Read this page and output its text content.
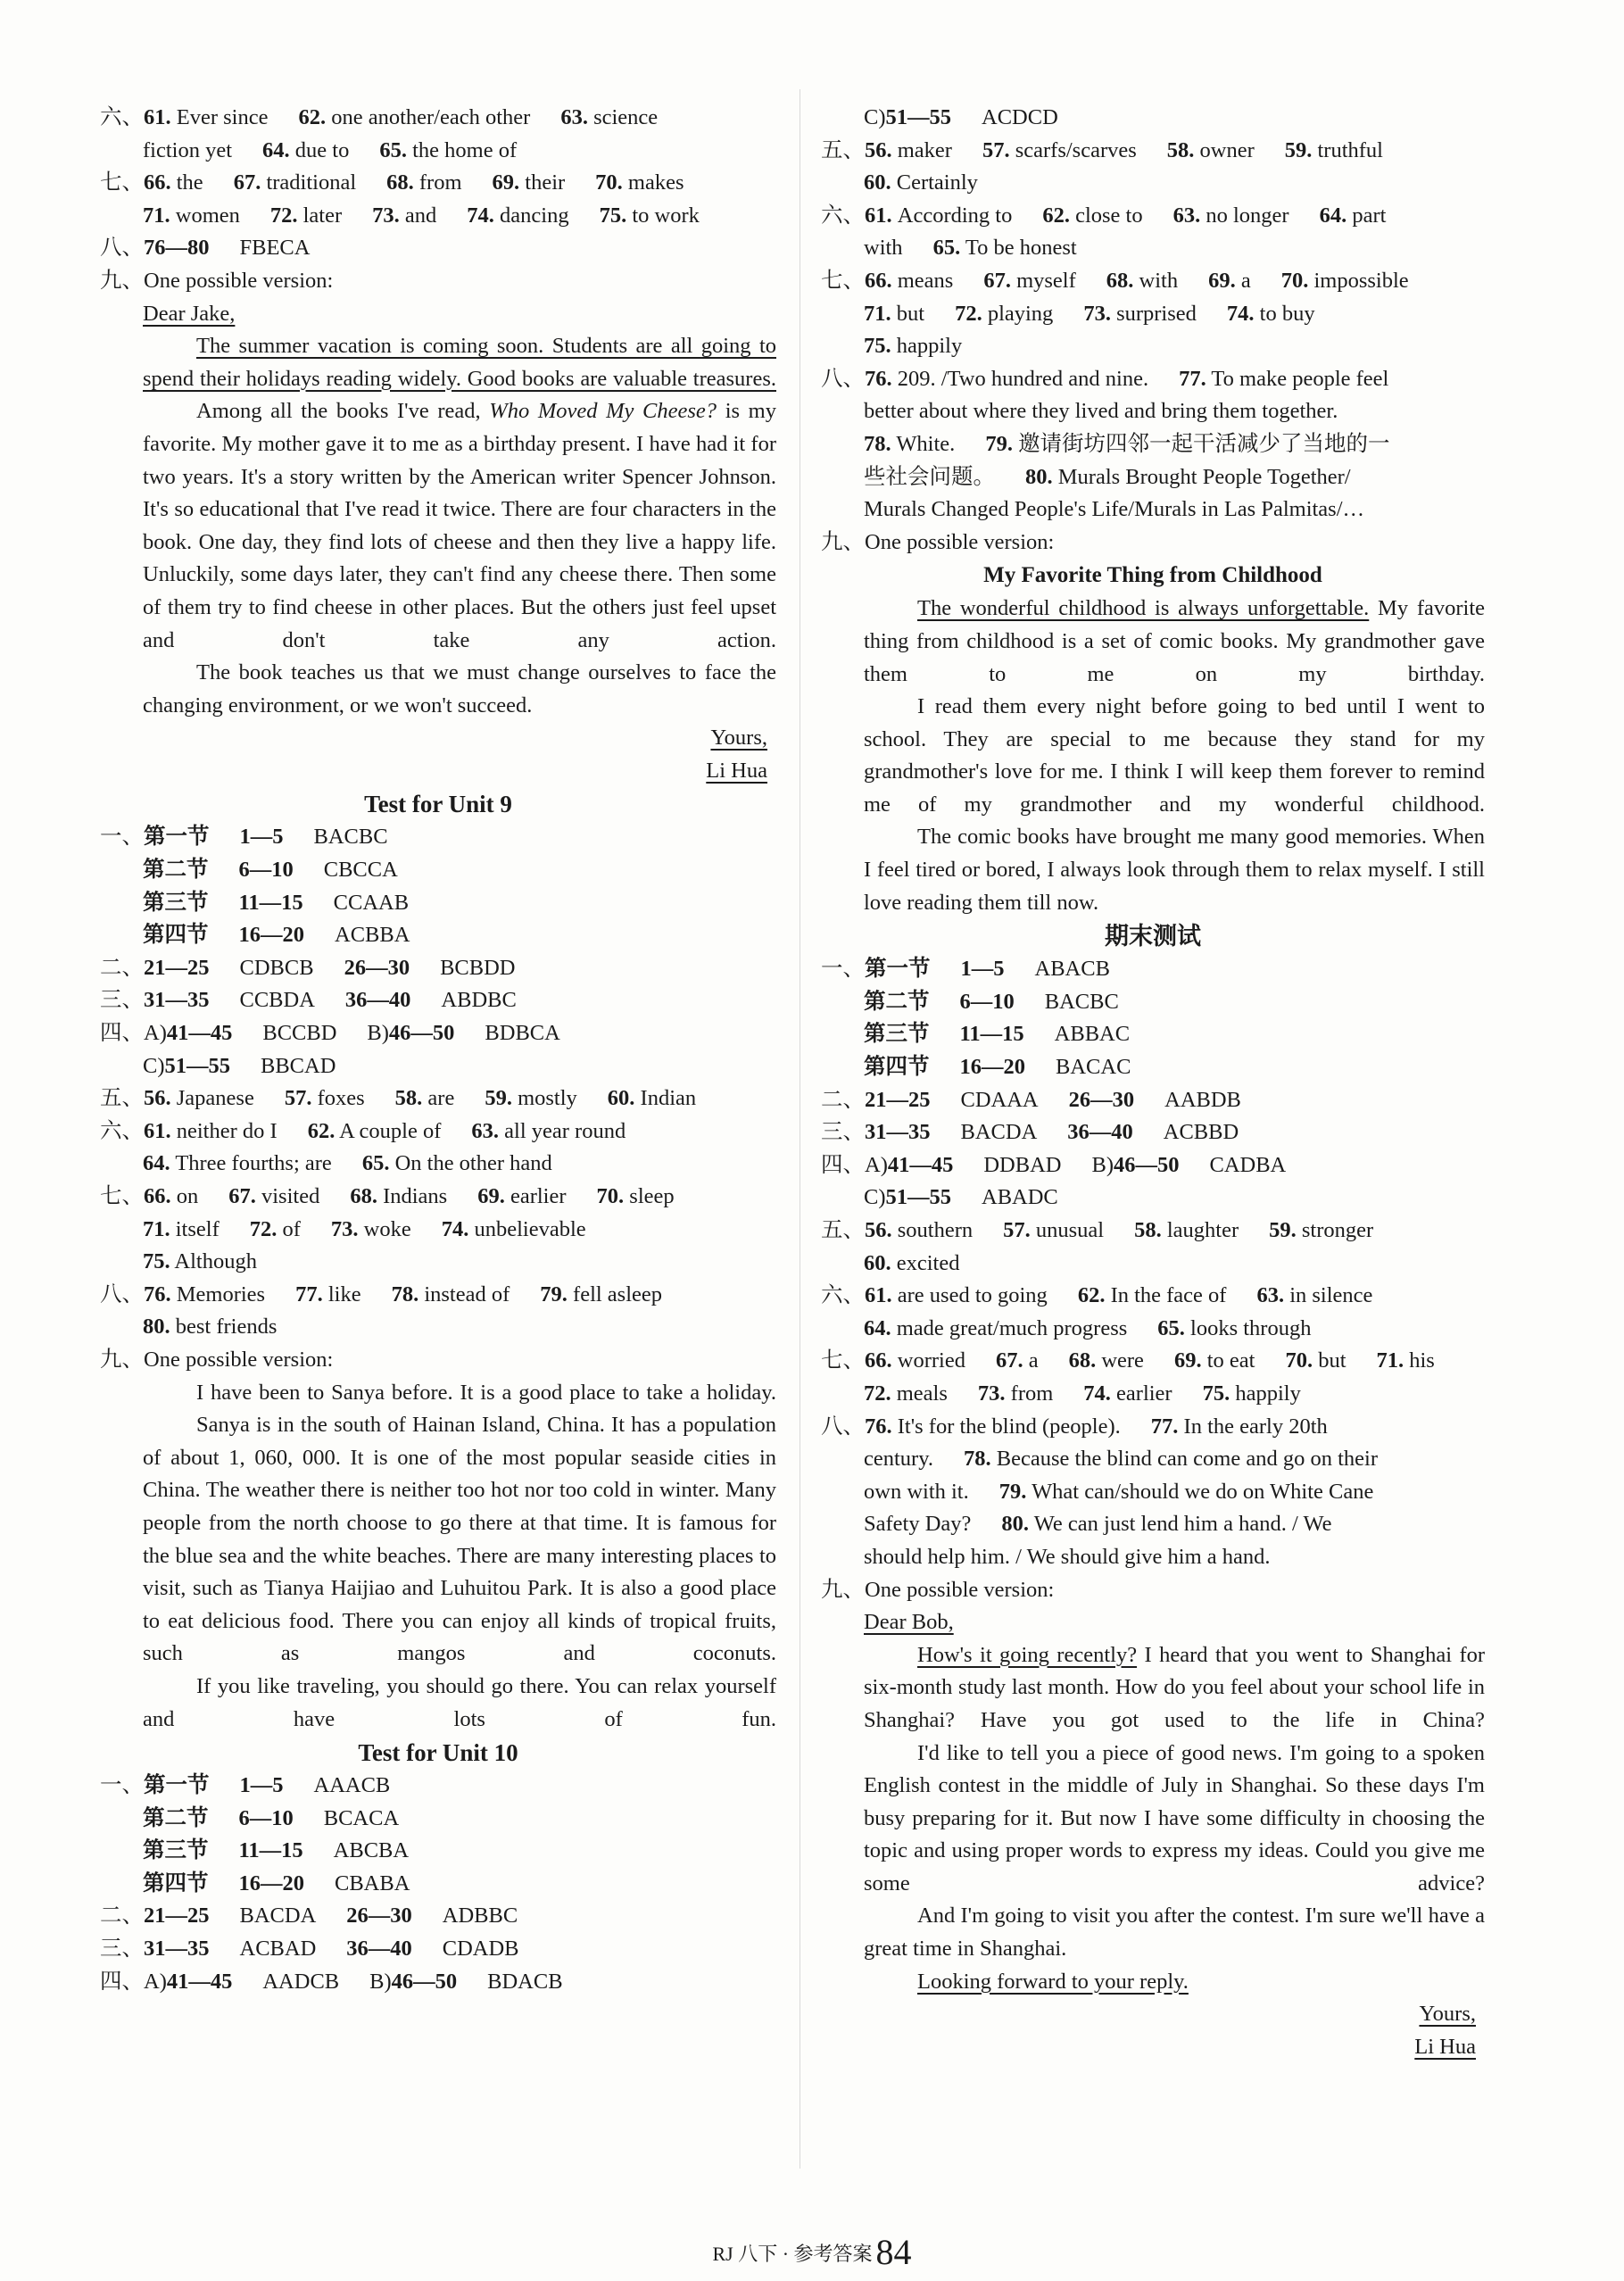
六、61. Ever since 62. one another/each other 63. science
fiction yet 64. due to 65. the home of
七、66. the 67. traditional 68. from 69. their 70. makes
71. women 72. later 73. and 74. dancing 75. to work
八、76—80 FBECA
九、One possible version:
Dear Jake,
The summer vacation is coming soon. Students are all going to spend their holidays reading widely. Good books are valuable treasures.
Among all the books I've read, Who Moved My Cheese? is my favorite. My mother gave it to me as a birthday present. I have had it for two years. It's a story written by the American writer Spencer Johnson. It's so educational that I've read it twice. There are four characters in the book. One day, they find lots of cheese and then they live a happy life. Unluckily, some days later, they can't find any cheese there. Then some of them try to find cheese in other places. But the others just feel upset and don't take any action.
The book teaches us that we must change ourselves to face the changing environment, or we won't succeed.
Yours,
Li Hua
Test for Unit 9
一、第一节 1—5 BACBC
第二节 6—10 CBCCA
第三节 11—15 CCAAB
第四节 16—20 ACBBA
二、21—25 CDBCB 26—30 BCBDD
三、31—35 CCBDA 36—40 ABDBC
四、A)41—45 BCCBD B)46—50 BDBCA
C)51—55 BBCAD
五、56. Japanese 57. foxes 58. are 59. mostly 60. Indian
六、61. neither do I 62. A couple of 63. all year round
64. Three fourths; are 65. On the other hand
七、66. on 67. visited 68. Indians 69. earlier 70. sleep
71. itself 72. of 73. woke 74. unbelievable
75. Although
八、76. Memories 77. like 78. instead of 79. fell asleep
80. best friends
九、One possible version:
I have been to Sanya before. It is a good place to take a holiday.
Sanya is in the south of Hainan Island, China. It has a population of about 1, 060, 000. It is one of the most popular seaside cities in China. The weather there is neither too hot nor too cold in winter. Many people from the north choose to go there at that time. It is famous for the blue sea and the white beaches. There are many interesting places to visit, such as Tianya Haijiao and Luhuitou Park. It is also a good place to eat delicious food. There you can enjoy all kinds of tropical fruits, such as mangos and coconuts.
If you like traveling, you should go there. You can relax yourself and have lots of fun.
Test for Unit 10
一、第一节 1—5 AAACB
第二节 6—10 BCACA
第三节 11—15 ABCBA
第四节 16—20 CBABA
二、21—25 BACDA 26—30 ADBBC
三、31—35 ACBAD 36—40 CDADB
四、A)41—45 AADCB B)46—50 BDACB
C)51—55 ACDCD
五、56. maker 57. scarfs/scarves 58. owner 59. truthful
60. Certainly
六、61. According to 62. close to 63. no longer 64. part
with 65. To be honest
七、66. means 67. myself 68. with 69. a 70. impossible
71. but 72. playing 73. surprised 74. to buy
75. happily
八、76. 209. /Two hundred and nine. 77. To make people feel
better about where they lived and bring them together.
78. White. 79. 邀请街坊四邻一起干活减少了当地的一
些社会问题。 80. Murals Brought People Together/
Murals Changed People's Life/Murals in Las Palmitas/…
九、One possible version:
My Favorite Thing from Childhood
The wonderful childhood is always unforgettable. My favorite thing from childhood is a set of comic books. My grandmother gave them to me on my birthday.
I read them every night before going to bed until I went to school. They are special to me because they stand for my grandmother's love for me. I think I will keep them forever to remind me of my grandmother and my wonderful childhood.
The comic books have brought me many good memories. When I feel tired or bored, I always look through them to relax myself. I still love reading them till now.
期末测试
一、第一节 1—5 ABACB
第二节 6—10 BACBC
第三节 11—15 ABBAC
第四节 16—20 BACAC
二、21—25 CDAAA 26—30 AABDB
三、31—35 BACDA 36—40 ACBBD
四、A)41—45 DDBAD B)46—50 CADBA
C)51—55 ABADC
五、56. southern 57. unusual 58. laughter 59. stronger
60. excited
六、61. are used to going 62. In the face of 63. in silence
64. made great/much progress 65. looks through
七、66. worried 67. a 68. were 69. to eat 70. but 71. his
72. meals 73. from 74. earlier 75. happily
八、76. It's for the blind (people). 77. In the early 20th
century. 78. Because the blind can come and go on their
own with it. 79. What can/should we do on White Cane
Safety Day? 80. We can just lend him a hand. / We
should help him. / We should give him a hand.
九、One possible version:
Dear Bob,
How's it going recently? I heard that you went to Shanghai for six-month study last month. How do you feel about your school life in Shanghai? Have you got used to the life in China?
I'd like to tell you a piece of good news. I'm going to a spoken English contest in the middle of July in Shanghai. So these days I'm busy preparing for it. But now I have some difficulty in choosing the topic and using proper words to express my ideas. Could you give me some advice?
And I'm going to visit you after the contest. I'm sure we'll have a great time in Shanghai.
Looking forward to your reply.
Yours,
Li Hua
RJ 八下 · 参考答案 84
